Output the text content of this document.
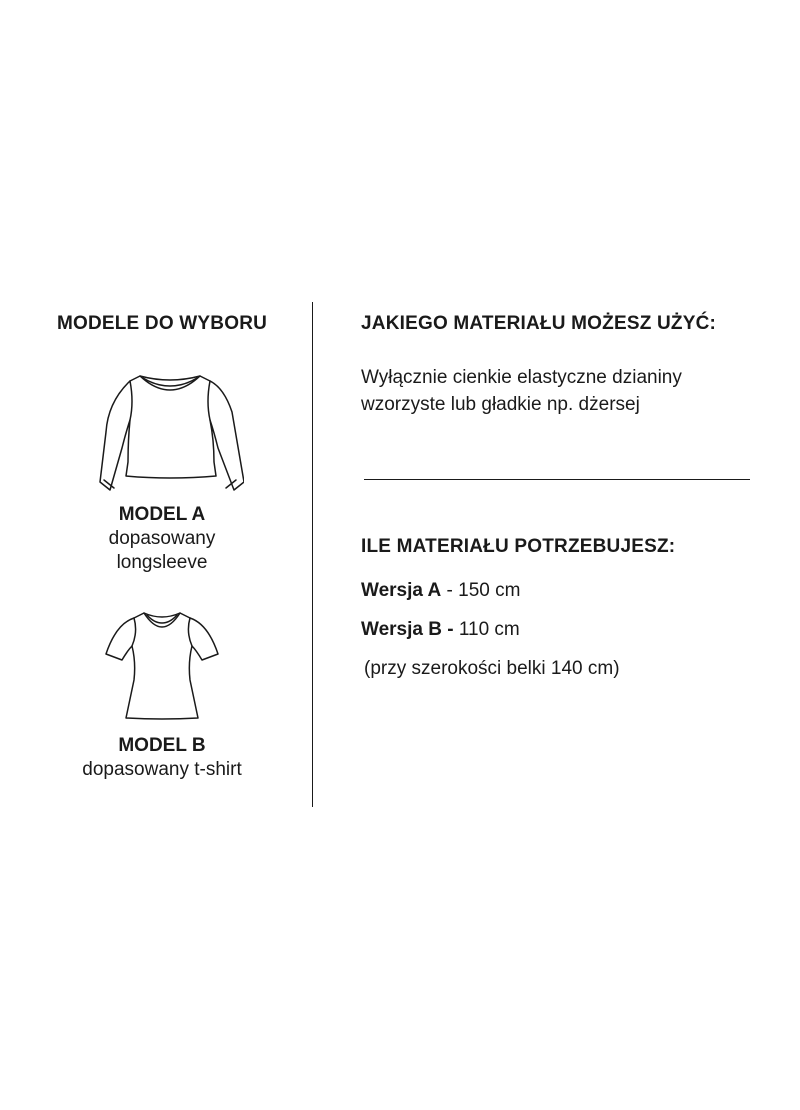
MODELE DO WYBORU
MODEL A
dopasowany
longsleeve
MODEL B
dopasowany t-shirt
JAKIEGO MATERIAŁU MOŻESZ UŻYĆ:
Wyłącznie cienkie elastyczne dzianiny
wzorzyste lub gładkie np. dżersej
ILE MATERIAŁU POTRZEBUJESZ:
Wersja A - 150 cm
Wersja B - 110 cm
(przy szerokości belki 140 cm)
